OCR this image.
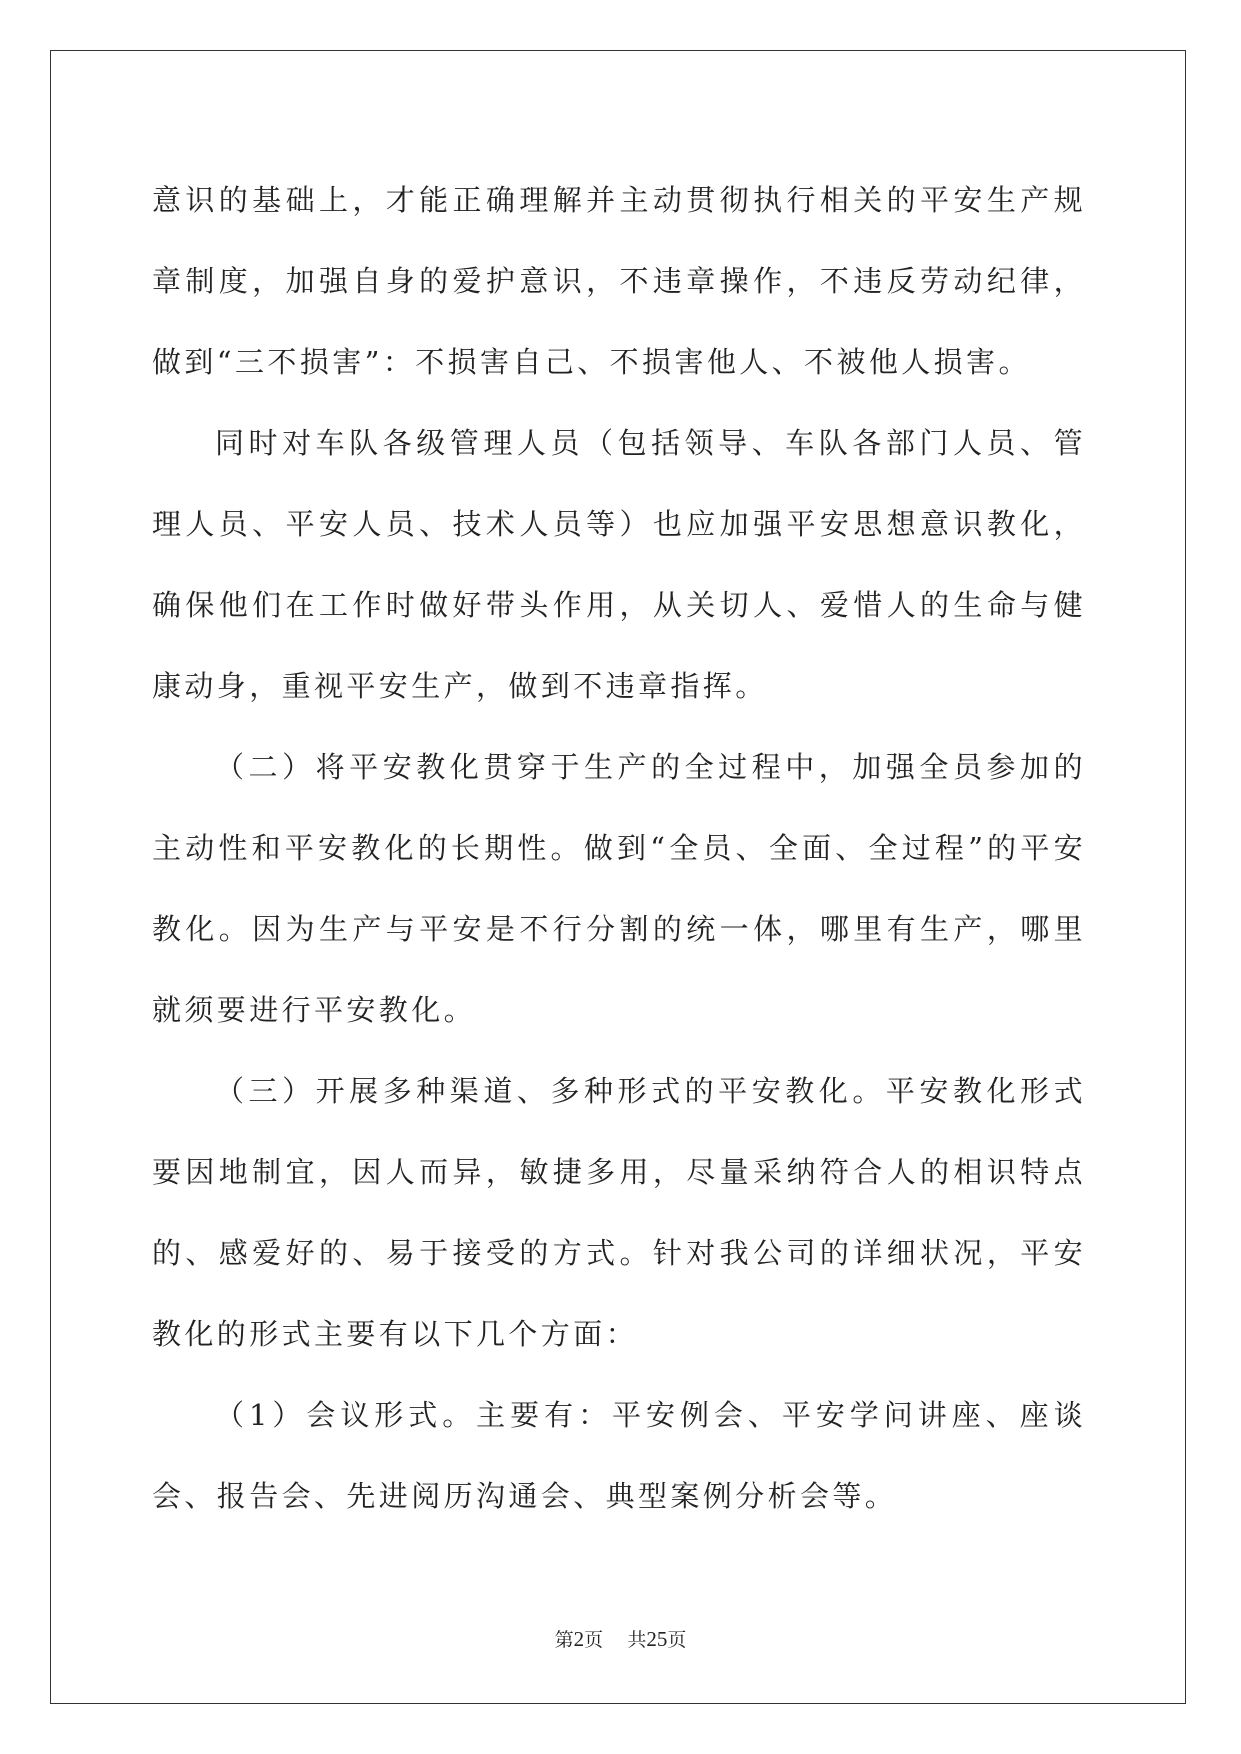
意识的基础上，才能正确理解并主动贯彻执行相关的平安生产规章制度，加强自身的爱护意识，不违章操作，不违反劳动纪律，做到“三不损害”：不损害自己、不损害他人、不被他人损害。

同时对车队各级管理人员（包括领导、车队各部门人员、管理人员、平安人员、技术人员等）也应加强平安思想意识教化，确保他们在工作时做好带头作用，从关切人、爱惜人的生命与健康动身，重视平安生产，做到不违章指挥。

（二）将平安教化贯穿于生产的全过程中，加强全员参加的主动性和平安教化的长期性。做到“全员、全面、全过程”的平安教化。因为生产与平安是不行分割的统一体，哪里有生产，哪里就须要进行平安教化。

（三）开展多种渠道、多种形式的平安教化。平安教化形式要因地制宜，因人而异，敏捷多用，尽量采纳符合人的相识特点的、感爱好的、易于接受的方式。针对我公司的详细状况，平安教化的形式主要有以下几个方面：

（1）会议形式。主要有：平安例会、平安学问讲座、座谈会、报告会、先进阅历沟通会、典型案例分析会等。

第2页 共25页
